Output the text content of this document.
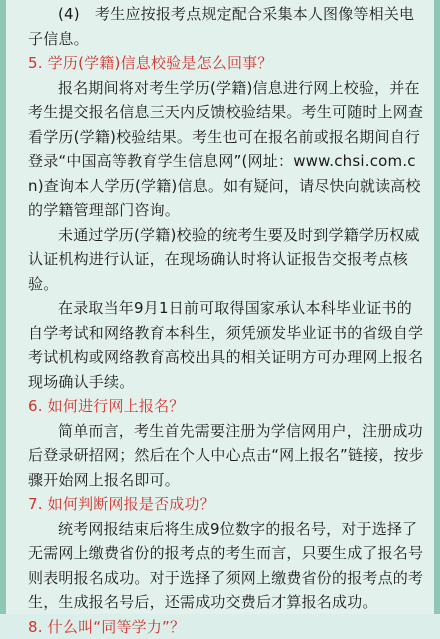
(4)　考生应按报考点规定配合采集本人图像等相关电子信息。

5. 学历(学籍)信息校验是怎么回事？

报名期间将对考生学历(学籍)信息进行网上校验，并在考生提交报名信息三天内反馈校验结果。考生可随时上网查看学历(学籍)校验结果。考生也可在报名前或报名期间自行登录“中国高等教育学生信息网”(网址：www.chsi.com.cn)查询本人学历(学籍)信息。如有疑问，请尽快向就读高校的学籍管理部门咨询。

未通过学历(学籍)校验的统考生要及时到学籍学历权威认证机构进行认证，在现场确认时将认证报告交报考点核验。

在录取当年9月1日前可取得国家承认本科毕业证书的自学考试和网络教育本科生，须凭颁发毕业证书的省级自学考试机构或网络教育高校出具的相关证明方可办理网上报名现场确认手续。

6. 如何进行网上报名？

简单而言，考生首先需要注册为学信网用户，注册成功后登录研招网；然后在个人中心点击“网上报名”链接，按步骤开始网上报名即可。

7. 如何判断网报是否成功？

统考网报结束后将生成9位数字的报名号，对于选择了无需网上缴费省份的报考点的考生而言，只要生成了报名号则表明报名成功。对于选择了须网上缴费省份的报考点的考生，生成报名号后，还需成功交费后才算报名成功。

8. 什么叫“同等学力”？
